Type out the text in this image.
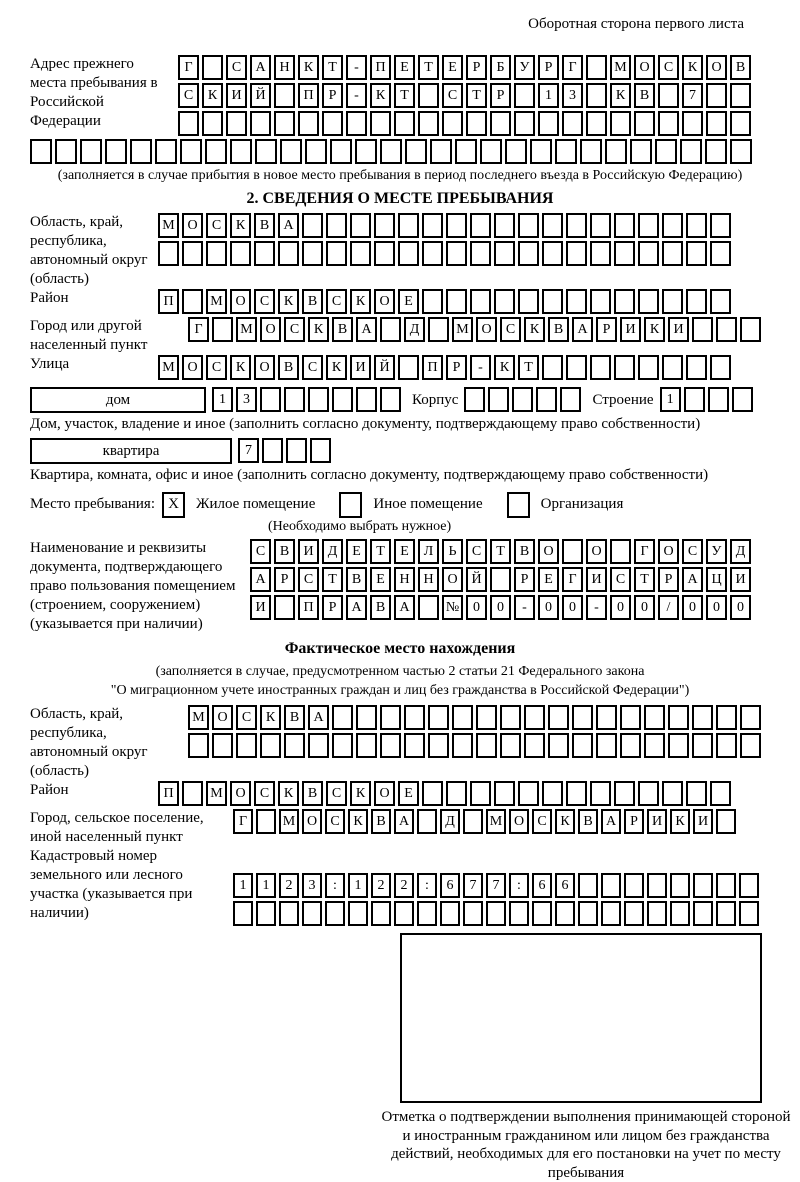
Оборотная сторона первого листа
Адрес прежнего места пребывания в Российской Федерации
Г	С А Н К Т - П Е Т Е Р Б У Р Г	М О С К О В
С К И Й	П Р - К Т	С Т Р	1 3	К В	7
(заполняется в случае прибытия в новое место пребывания в период последнего въезда в Российскую Федерацию)
2. СВЕДЕНИЯ О МЕСТЕ ПРЕБЫВАНИЯ
Область, край, республика, автономный округ (область)
М О С К В А
Район	П	М О С К В С К О Е
Город или другой населенный пункт
Г	М О С К В А	Д	М О С К В А Р И К И
Улица	М О С К О В С К И Й	П Р - К Т
дом	1 3	Корпус	Строение 1
Дом, участок, владение и иное (заполнить согласно документу, подтверждающему право собственности)
квартира	7
Квартира, комната, офис и иное (заполнить согласно документу, подтверждающему право собственности)
Место пребывания: X	Жилое помещение	Иное помещение	Организация
(Необходимо выбрать нужное)
Наименование и реквизиты документа, подтверждающего право пользования помещением (строением, сооружением) (указывается при наличии)
С В И Д Е Т Е Л Ь С Т В О	О	Г О С У Д
А Р С Т В Е Н Н О Й	Р Е Г И С Т Р А Ц И
И	П Р А В А	№ 0 0 - 0 0 - 0 0 / 0 0 0
Фактическое место нахождения
(заполняется в случае, предусмотренном частью 2 статьи 21 Федерального закона
"О миграционном учете иностранных граждан и лиц без гражданства в Российской Федерации")
Область, край, республика, автономный округ (область)
М О С К В А
Район	П	М О С К В С К О Е
Город, сельское поселение, иной населенный пункт
Г	М О С К В А	Д М О С К В А Р И К И
Кадастровый номер земельного или лесного участка (указывается при наличии)
1 1 2 3 : 1 2 2 : 6 7 7 : 6 6
Отметка о подтверждении выполнения принимающей стороной и иностранным гражданином или лицом без гражданства действий, необходимых для его постановки на учет по месту пребывания
